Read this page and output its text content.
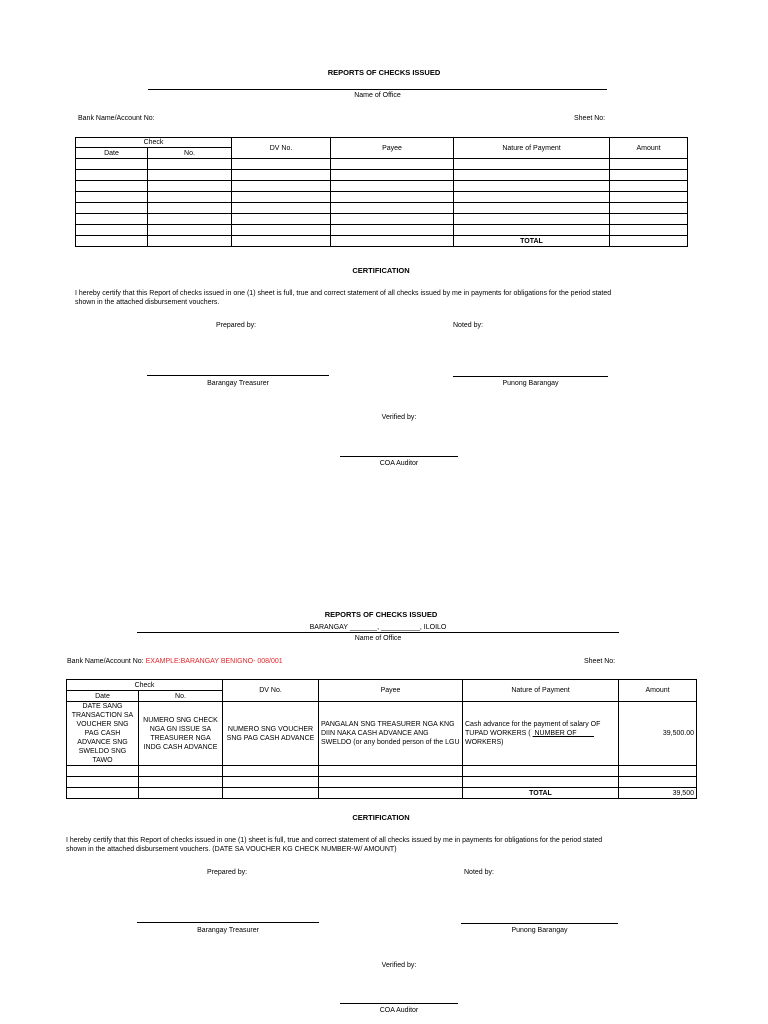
REPORTS OF CHECKS ISSUED
Name of Office
Bank Name/Account No:	Sheet No:
Check		DV No.	Payee	Nature of Payment	Amount
Date	No.				

				TOTAL	
CERTIFICATION
I hereby certify that this Report of checks issued in one (1) sheet is full, true and correct statement of all checks issued by me in payments for obligations for the period stated
shown in the attached disbursement vouchers.
Prepared by:	Noted by:
Barangay Treasurer	Punong Barangay
Verified by:
COA Auditor
REPORTS OF CHECKS ISSUED
BARANGAY _______, __________, ILOILO
Name of Office
Bank Name/Account No: EXAMPLE:BARANGAY BENIGNO- 008/001	Sheet No:
Check		DV No.	Payee	Nature of Payment	Amount
Date	No.				
DATE SANG TRANSACTION SA VOUCHER SNG PAG CASH ADVANCE SNG SWELDO SNG TAWO	NUMERO SNG CHECK NGA GN ISSUE SA TREASURER NGA INDG CASH ADVANCE	NUMERO SNG VOUCHER SNG PAG CASH ADVANCE	PANGALAN SNG TREASURER NGA KNG DIIN NAKA CASH ADVANCE ANG SWELDO (or any bonded person of the LGU	Cash advance for the payment of salary OF TUPAD WORKERS (  NUMBER OF          WORKERS)	39,500.00

				TOTAL	39,500
CERTIFICATION
I hereby certify that this Report of checks issued in one (1) sheet is full, true and correct statement of all checks issued by me in payments for obligations for the period stated
shown in the attached disbursement vouchers. (DATE SA VOUCHER KG CHECK NUMBER-W/ AMOUNT)
Prepared by:	Noted by:
Barangay Treasurer	Punong Barangay
Verified by:
COA Auditor
